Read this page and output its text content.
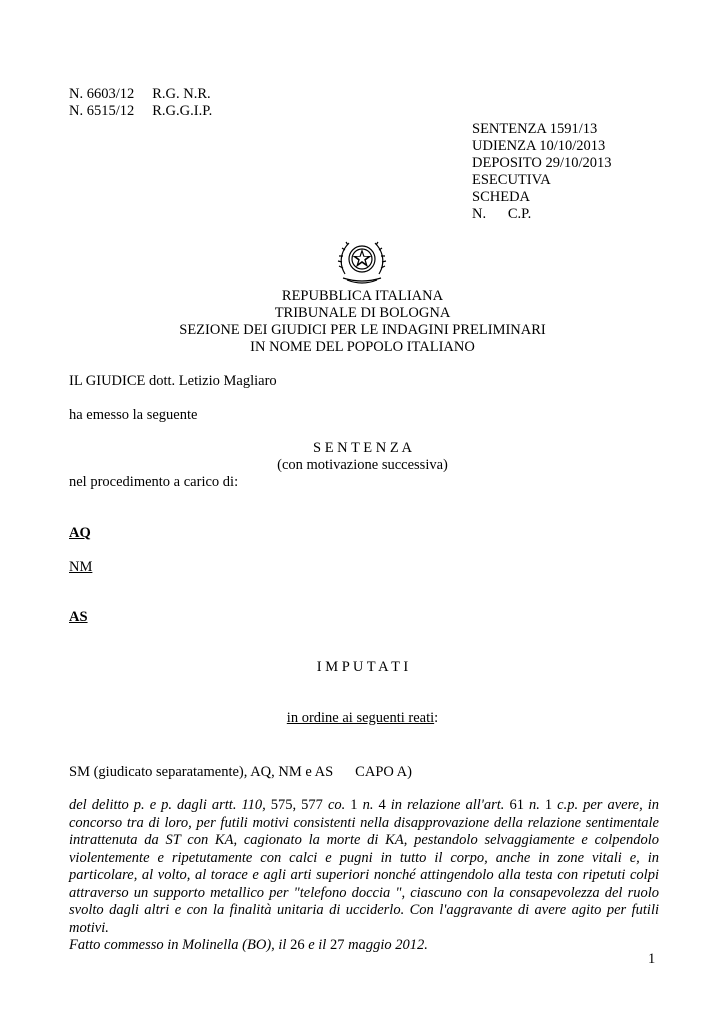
N. 6603/12 R.G. N.R.
N. 6515/12 R.G.G.I.P.
SENTENZA 1591/13
UDIENZA 10/10/2013
DEPOSITO 29/10/2013
ESECUTIVA
SCHEDA
N.      C.P.
REPUBBLICA ITALIANA
TRIBUNALE DI BOLOGNA
SEZIONE DEI GIUDICI PER LE INDAGINI PRELIMINARI
IN NOME DEL POPOLO ITALIANO
IL GIUDICE dott. Letizio Magliaro
ha emesso la seguente
S E N T E N Z A
(con motivazione successiva)
nel procedimento a carico di:
AQ
NM
AS
I M P U T A T I
in ordine ai seguenti reati:
SM (giudicato separatamente), AQ, NM e AS CAPO A)
del delitto p. e p. dagli artt. 110, 575, 577 co. 1 n. 4 in relazione all'art. 61 n. 1 c.p. per avere, in concorso tra di loro, per futili motivi consistenti nella disapprovazione della relazione sentimentale intrattenuta da ST con KA, cagionato la morte di KA, pestandolo selvaggiamente e colpendolo violentemente e ripetutamente con calci e pugni in tutto il corpo, anche in zone vitali e, in particolare, al volto, al torace e agli arti superiori nonché attingendolo alla testa con ripetuti colpi attraverso un supporto metallico per "telefono doccia ", ciascuno con la consapevolezza del ruolo svolto dagli altri e con la finalità unitaria di ucciderlo. Con l'aggravante di avere agito per futili motivi.
Fatto commesso in Molinella (BO), il 26 e il 27 maggio 2012.
1
